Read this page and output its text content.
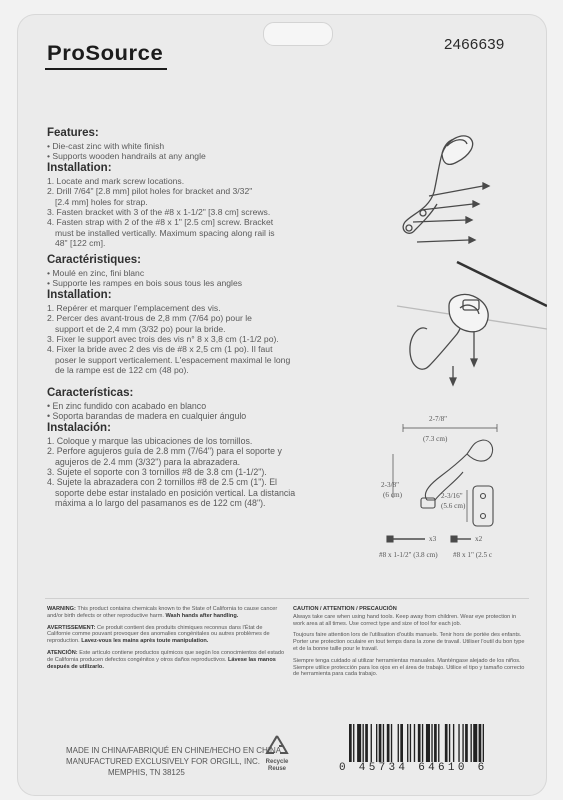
ProSource	2466639
Features:
• Die-cast zinc with white finish
• Supports wooden handrails at any angle
Installation:
1. Locate and mark screw locations.
2. Drill 7/64" [2.8 mm] pilot holes for bracket and 3/32"
[2.4 mm] holes for strap.
3. Fasten bracket with 3 of the #8 x 1-1/2" [3.8 cm] screws.
4. Fasten strap with 2 of the #8 x 1" [2.5 cm] screw. Bracket
must be installed vertically. Maximum spacing along rail is
48" [122 cm].
Caractéristiques:
• Moulé en zinc, fini blanc
• Supporte les rampes en bois sous tous les angles
Installation:
1. Repérer et marquer l'emplacement des vis.
2. Percer des avant-trous de 2,8 mm (7/64 po) pour le
support et de 2,4 mm (3/32 po) pour la bride.
3. Fixer le support avec trois des vis n° 8 x 3,8 cm (1-1/2 po).
4. Fixer la bride avec 2 des vis de #8 x 2,5 cm (1 po). Il faut
poser le support verticalement. L'espacement maximal le long
de la rampe est de 122 cm (48 po).
Características:
• En zinc fundido con acabado en blanco
• Soporta barandas de madera en cualquier ángulo
Instalación:
1. Coloque y marque las ubicaciones de los tornillos.
2. Perfore agujeros guía de 2.8 mm (7/64") para el soporte y
agujeros de 2.4 mm (3/32") para la abrazadera.
3. Sujete el soporte con 3 tornillos #8 de 3.8 cm (1-1/2").
4. Sujete la abrazadera con 2 tornillos #8 de 2.5 cm (1"). El
soporte debe estar instalado en posición vertical. La distancia
máxima a lo largo del pasamanos es de 122 cm (48").
2-7/8"
(7.3 cm)
2-3/8"
(6 cm)	2-3/16"
(5.6 cm)
x3	x2
#8 x 1-1/2" (3.8 cm) #8 x 1" (2.5 c

WARNING: This product contains chemicals known to the State of California to cause cancer and/or birth defects or other reproductive harm. Wash hands after handling.

AVERTISSEMENT: Ce produit contient des produits chimiques reconnus dans l'État de Californie comme pouvant provoquer des anomalies congénitales ou autres problèmes de reproduction. Lavez-vous les mains après toute manipulation.

ATENCIÓN: Este artículo contiene productos químicos que según los conocimientos del estado de California producen defectos congénitos y otros daños reproductivos. Lávese las manos después de utilizarlo.

CAUTION / ATTENTION / PRECAUCIÓN

Always take care when using hand tools. Keep away from children. Wear eye protection in work area at all times. Use correct type and size of tool for each job.

Toujours faire attention lors de l'utilisation d'outils manuels. Tenir hors de portée des enfants. Porter une protection oculaire en tout temps dans la zone de travail. Utiliser l'outil du bon type et de la bonne taille pour le travail.

Siempre tenga cuidado al utilizar herramientas manuales. Manténgase alejado de los niños. Siempre utilice protección para los ojos en el área de trabajo. Utilice el tipo y tamaño correcto de herramienta para cada trabajo.

MADE IN CHINA/FABRIQUÉ EN CHINE/HECHO EN CHINA
MANUFACTURED EXCLUSIVELY FOR ORGILL, INC.
MEMPHIS, TN 38125
Recycle
Reuse	0 45734 64610 6
